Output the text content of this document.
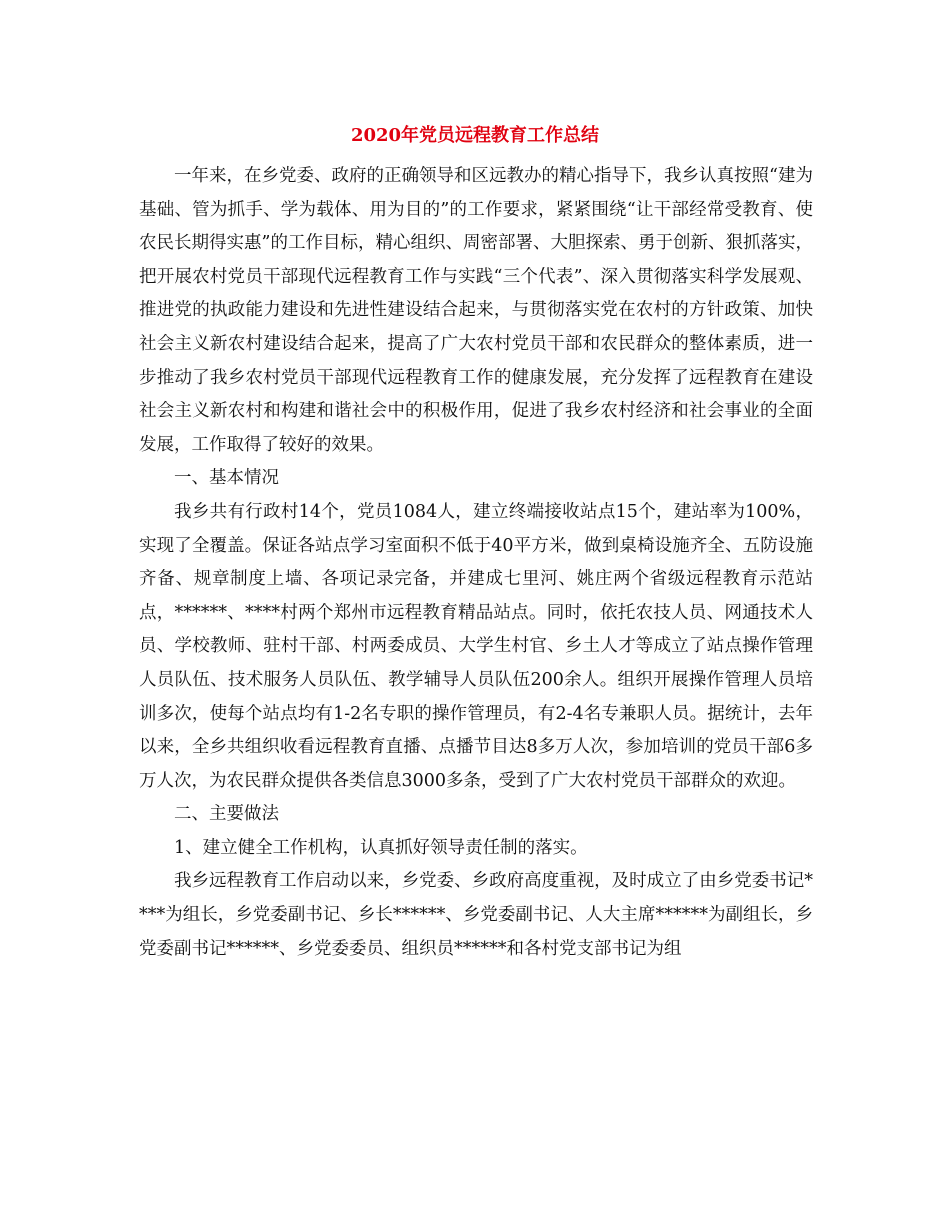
2020年党员远程教育工作总结

一年来，在乡党委、政府的正确领导和区远教办的精心指导下，我乡认真按照“建为基础、管为抓手、学为载体、用为目的”的工作要求，紧紧围绕“让干部经常受教育、使农民长期得实惠”的工作目标，精心组织、周密部署、大胆探索、勇于创新、狠抓落实，把开展农村党员干部现代远程教育工作与实践“三个代表”、深入贯彻落实科学发展观、推进党的执政能力建设和先进性建设结合起来，与贯彻落实党在农村的方针政策、加快社会主义新农村建设结合起来，提高了广大农村党员干部和农民群众的整体素质，进一步推动了我乡农村党员干部现代远程教育工作的健康发展，充分发挥了远程教育在建设社会主义新农村和构建和谐社会中的积极作用，促进了我乡农村经济和社会事业的全面发展，工作取得了较好的效果。

一、基本情况

我乡共有行政村14个，党员1084人，建立终端接收站点15个，建站率为100%，实现了全覆盖。保证各站点学习室面积不低于40平方米，做到桌椅设施齐全、五防设施齐备、规章制度上墙、各项记录完备，并建成七里河、姚庄两个省级远程教育示范站点，******、****村两个郑州市远程教育精品站点。同时，依托农技人员、网通技术人员、学校教师、驻村干部、村两委成员、大学生村官、乡土人才等成立了站点操作管理人员队伍、技术服务人员队伍、教学辅导人员队伍200余人。组织开展操作管理人员培训多次，使每个站点均有1-2名专职的操作管理员，有2-4名专兼职人员。据统计，去年以来，全乡共组织收看远程教育直播、点播节目达8多万人次，参加培训的党员干部6多万人次，为农民群众提供各类信息3000多条，受到了广大农村党员干部群众的欢迎。

二、主要做法

1、建立健全工作机构，认真抓好领导责任制的落实。

我乡远程教育工作启动以来，乡党委、乡政府高度重视，及时成立了由乡党委书记****为组长，乡党委副书记、乡长******、乡党委副书记、人大主席******为副组长，乡党委副书记******、乡党委委员、组织员******和各村党支部书记为组
